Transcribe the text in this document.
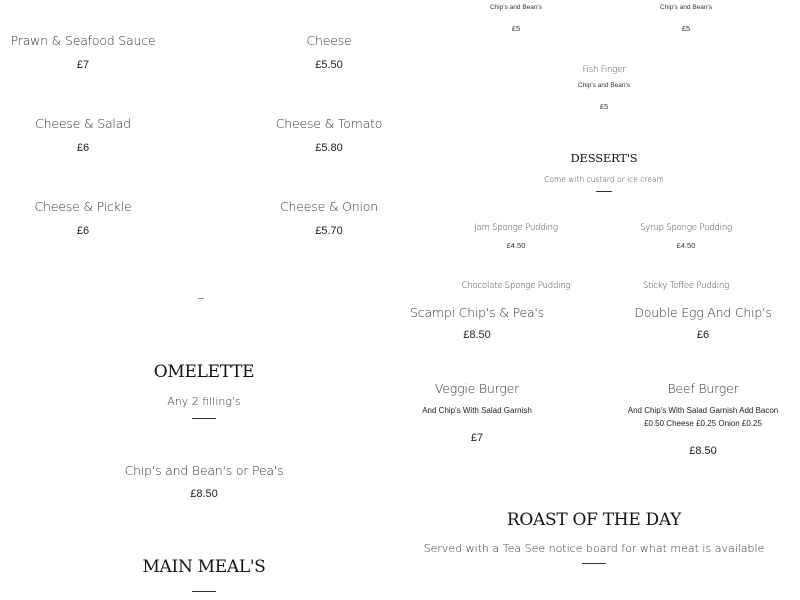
Prawn & Seafood Sauce
£7
Cheese
£5.50
Cheese & Salad
£6
Cheese & Tomato
£5.80
Cheese & Pickle
£6
Cheese & Onion
£5.70
OMELETTE
Any 2 filling's
Chip's and Bean's or Pea's
£8.50
MAIN MEAL'S
Chip's and Bean's
£5
Chip's and Bean's
£5
Fish Finger
Chip's and Bean's
£5
DESSERT'S
Come with custard or ice cream
Jam Sponge Pudding
£4.50
Syrup Sponge Pudding
£4.50
Chocolate Sponge Pudding	Sticky Toffee Pudding
Scampi Chip's & Pea's
£8.50
Double Egg And Chip's
£6
Veggie Burger
And Chip's With Salad Garnish
£7
Beef Burger
And Chip's With Salad Garnish Add Bacon
£0.50 Cheese £0.25 Onion £0.25
£8.50
ROAST OF THE DAY
Served with a Tea See notice board for what meat is available
